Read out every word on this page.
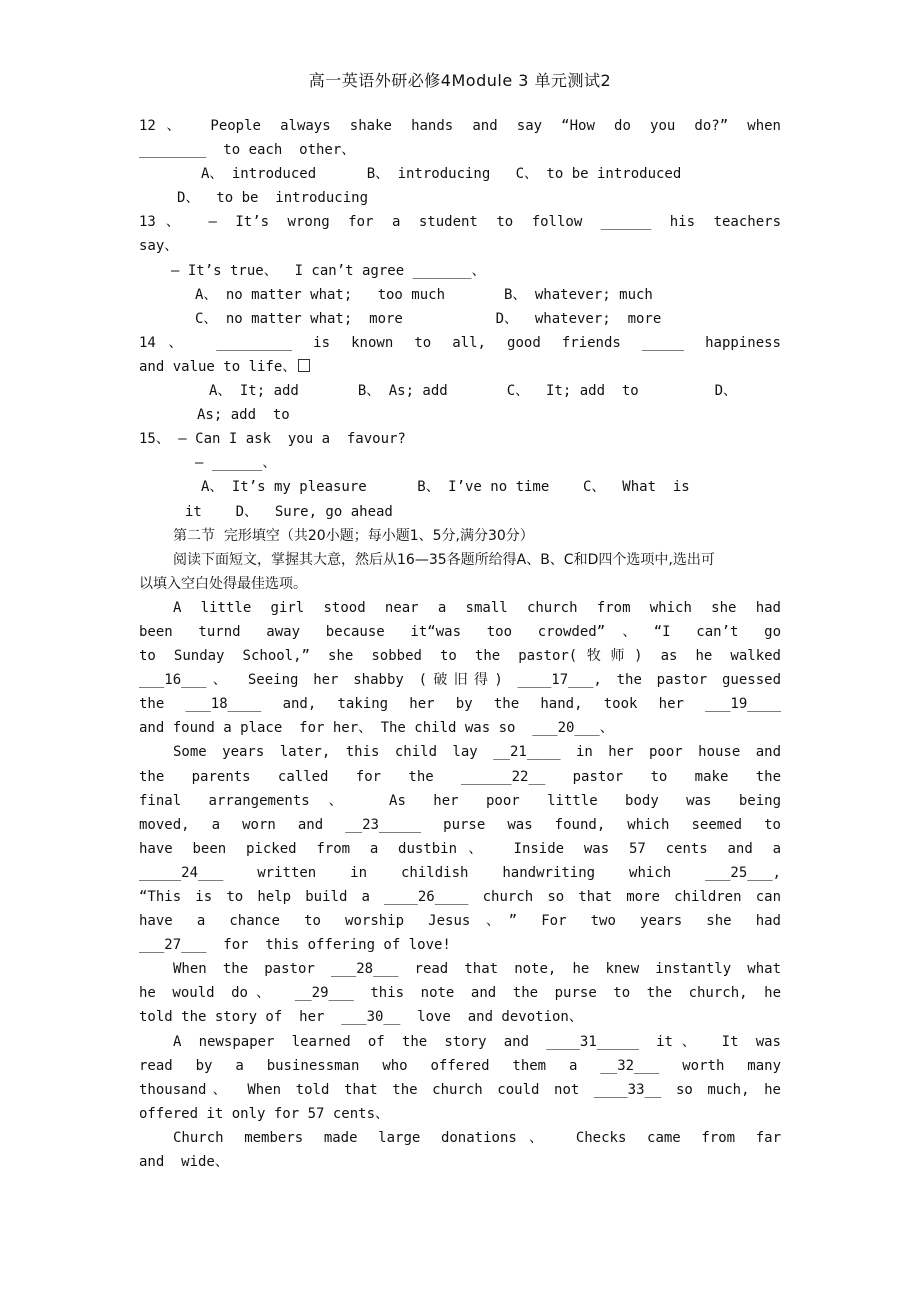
高一英语外研必修4Module 3 单元测试2
12、 People always shake hands and say “How do you do?” when
________  to each  other、
A、 introduced      B、 introducing   C、 to be introduced
D、  to be  introducing
13、 — It’s wrong for a student to follow ______ his teachers
say、
— It’s true、  I can’t agree _______、
A、 no matter what;   too much       B、 whatever; much
C、 no matter what;  more           D、  whatever;  more
14、 _________ is known to all, good friends _____ happiness
and value to life、
A、 It; add       B、 As; add       C、  It; add  to         D、
As; add  to
15、 — Can I ask  you a  favour?
— ______、
A、 It’s my pleasure      B、 I’ve no time    C、  What  is
it    D、  Sure, go ahead
第二节  完形填空（共20小题；每小题1、5分,满分30分）
阅读下面短文，掌握其大意，然后从16—35各题所给得A、B、C和D四个选项中,选出可
以填入空白处得最佳选项。
A little girl stood near a small church from which she had
been turnd away because it“was too crowded”、“I can’t go
to Sunday School,” she sobbed to the pastor(牧师) as he walked
___16___、 Seeing her shabby (破旧得) ____17___, the pastor guessed
the ___18____ and, taking her by the hand, took her ___19____
and found a place  for her、 The child was so  ___20___、
Some years later, this child lay __21____ in her poor house and
the parents called for the ______22__ pastor to make the
final arrangements、 As her poor little body was being
moved, a worn and __23_____ purse was found, which seemed to
have been picked from a dustbin、 Inside was 57 cents and a
_____24___ written in childish handwriting which ___25___,
“This is to help build a ____26____ church so that more children can
have a chance to worship Jesus、” For two years she had
___27___  for  this offering of love!
When the pastor ___28___ read that note, he knew instantly what
he would do、 __29___ this note and the purse to the church, he
told the story of  her  ___30__  love  and devotion、
A newspaper learned of the story and ____31_____ it、 It was
read by a businessman who offered them a __32___ worth many
thousand、 When told that the church could not ____33__ so much, he
offered it only for 57 cents、
Church members made large donations、 Checks came from far
and  wide、
